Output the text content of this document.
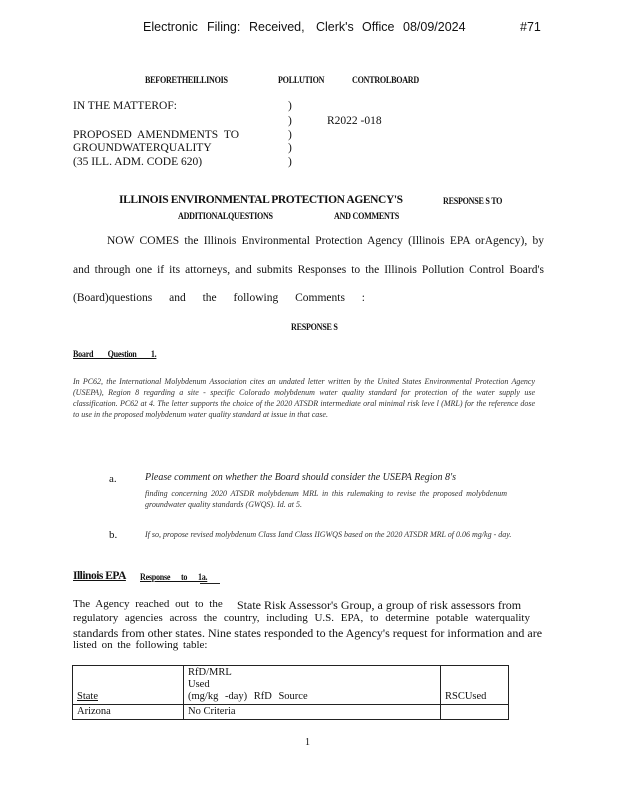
Electronic Filing: Received, Clerk's Office 08/09/2024	#71
BEFORETHEILLINOIS	POLLUTION	CONTROLBOARD
IN THE MATTEROF:
PROPOSED AMENDMENTS TO
GROUNDWATERQUALITY
(35 ILL. ADM. CODE 620)
R2022 -018
)
)
)
)
)
ILLINOIS ENVIRONMENTAL PROTECTION AGENCY'S	RESPONSE S TO
ADDITIONALQUESTIONS	AND COMMENTS
NOW COMES the Illinois Environmental Protection Agency (Illinois EPA orAgency), by
and through one if its attorneys, and submits Responses to the Illinois Pollution Control Board's
(Board)questions and the following Comments :
RESPONSE S
Board Question 1.
In PC62, the International Molybdenum Association cites an undated letter written by the United States Environmental Protection Agency (USEPA), Region 8 regarding a site - specific Colorado molybdenum water quality standard for protection of the water supply use classification. PC62 at 4. The letter supports the choice of the 2020 ATSDR intermediate oral minimal risk leve l (MRL) for the reference dose to use in the proposed molybdenum water quality standard at issue in that case.
a.	Please comment on whether the Board should consider the USEPA Region 8's
finding concerning 2020 ATSDR molybdenum MRL in this rulemaking to revise the proposed molybdenum groundwater quality standards (GWQS). Id. at 5.
b.	If so, propose revised molybdenum Class Iand Class IIGWQS based on the 2020 ATSDR MRL of 0.06 mg/kg - day.
Illinois EPA Response to 1a.
The Agency reached out to the State Risk Assessor's Group, a group of risk assessors from
regulatory agencies across the country, including U.S. EPA, to determine potable waterquality
standards from other states. Nine states responded to the Agency's request for information and are
listed on the following table:
State	RfD/MRL
Used
(mg/kg -day) RfD Source	RSCUsed
Arizona	No Criteria	
1
